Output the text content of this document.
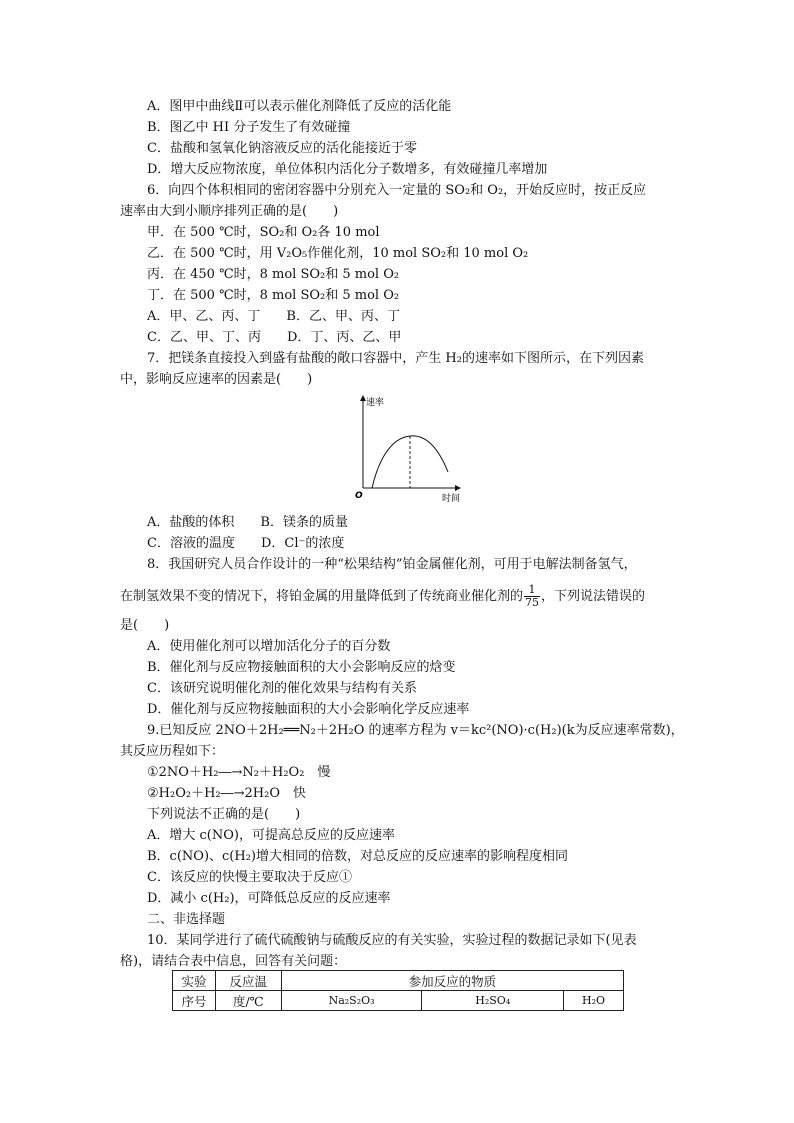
A．图甲中曲线Ⅱ可以表示催化剂降低了反应的活化能
B．图乙中 HI 分子发生了有效碰撞
C．盐酸和氢氧化钠溶液反应的活化能接近于零
D．增大反应物浓度，单位体积内活化分子数增多，有效碰撞几率增加
6．向四个体积相同的密闭容器中分别充入一定量的 SO₂和 O₂，开始反应时，按正反应
速率由大到小顺序排列正确的是(　　)
甲．在 500 ℃时，SO₂和 O₂各 10 mol
乙．在 500 ℃时，用 V₂O₅作催化剂，10 mol SO₂和 10 mol O₂
丙．在 450 ℃时，8 mol SO₂和 5 mol O₂
丁．在 500 ℃时，8 mol SO₂和 5 mol O₂
A．甲、乙、丙、丁　　B．乙、甲、丙、丁
C．乙、甲、丁、丙　　D．丁、丙、乙、甲
7．把镁条直接投入到盛有盐酸的敞口容器中，产生 H₂的速率如下图所示，在下列因素
中，影响反应速率的因素是(　　)
速率
时间
O
A．盐酸的体积　　B．镁条的质量
C．溶液的温度　　D．Cl⁻的浓度
8．我国研究人员合作设计的一种“松果结构”铂金属催化剂，可用于电解法制备氢气，
在制氢效果不变的情况下，将铂金属的用量降低到了传统商业催化剂的 $\frac{1}{75}$ ，下列说法错误的
是(　　)
A．使用催化剂可以增加活化分子的百分数
B．催化剂与反应物接触面积的大小会影响反应的焓变
C．该研究说明催化剂的催化效果与结构有关系
D．催化剂与反应物接触面积的大小会影响化学反应速率
9.已知反应 2NO＋2H₂══N₂＋2H₂O 的速率方程为 v＝kc²(NO)·c(H₂)(k为反应速率常数)，
其反应历程如下：
①2NO＋H₂―→N₂＋H₂O₂　慢
②H₂O₂＋H₂―→2H₂O　快
下列说法不正确的是(　　)
A．增大 c(NO)，可提高总反应的反应速率
B．c(NO)、c(H₂)增大相同的倍数，对总反应的反应速率的影响程度相同
C．该反应的快慢主要取决于反应①
D．减小 c(H₂)，可降低总反应的反应速率
二、非选择题
10．某同学进行了硫代硫酸钠与硫酸反应的有关实验，实验过程的数据记录如下(见表
格)，请结合表中信息，回答有关问题：
实验	反应温	参加反应的物质		
序号	度/℃	Na₂S₂O₃	H₂SO₄	H₂O
